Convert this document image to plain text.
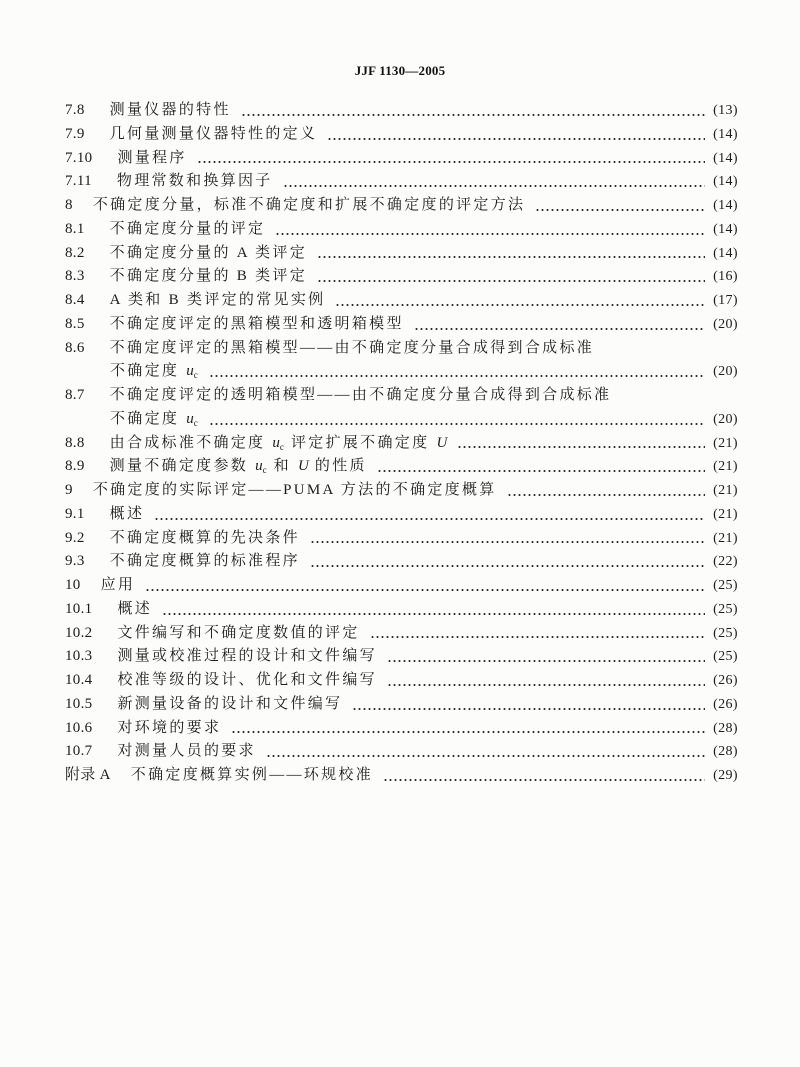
JJF 1130—2005
7.8 测量仪器的特性	(13)
7.9 几何量测量仪器特性的定义	(14)
7.10 测量程序	(14)
7.11 物理常数和换算因子	(14)
8 不确定度分量，标准不确定度和扩展不确定度的评定方法	(14)
8.1 不确定度分量的评定	(14)
8.2 不确定度分量的 A 类评定	(14)
8.3 不确定度分量的 B 类评定	(16)
8.4 A 类和 B 类评定的常见实例	(17)
8.5 不确定度评定的黑箱模型和透明箱模型	(20)
8.6 不确定度评定的黑箱模型——由不确定度分量合成得到合成标准
不确定度 $u_c$	(20)
8.7 不确定度评定的透明箱模型——由不确定度分量合成得到合成标准
不确定度 $u_c$	(20)
8.8 由合成标准不确定度 $u_c$ 评定扩展不确定度 U	(21)
8.9 测量不确定度参数 $u_c$ 和 U 的性质	(21)
9 不确定度的实际评定——PUMA 方法的不确定度概算	(21)
9.1 概述	(21)
9.2 不确定度概算的先决条件	(21)
9.3 不确定度概算的标准程序	(22)
10 应用	(25)
10.1 概述	(25)
10.2 文件编写和不确定度数值的评定	(25)
10.3 测量或校准过程的设计和文件编写	(25)
10.4 校准等级的设计、优化和文件编写	(26)
10.5 新测量设备的设计和文件编写	(26)
10.6 对环境的要求	(28)
10.7 对测量人员的要求	(28)
附录 A 不确定度概算实例——环规校准	(29)
